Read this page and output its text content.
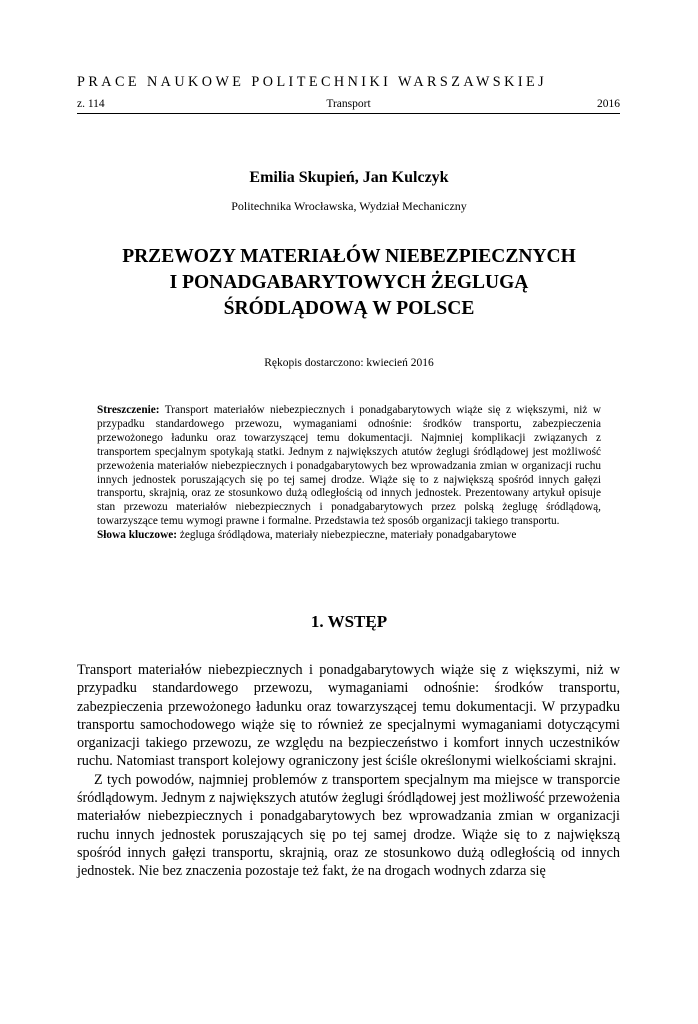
PRACE NAUKOWE POLITECHNIKI WARSZAWSKIEJ
z. 114	Transport	2016
Emilia Skupień, Jan Kulczyk
Politechnika Wrocławska, Wydział Mechaniczny
PRZEWOZY MATERIAŁÓW NIEBEZPIECZNYCH
I PONADGABARYTOWYCH ŻEGLUGĄ
ŚRÓDLĄDOWĄ W POLSCE
Rękopis dostarczono: kwiecień 2016

Streszczenie: Transport materiałów niebezpiecznych i ponadgabarytowych wiąże się z większymi, niż w przypadku standardowego przewozu, wymaganiami odnośnie: środków transportu, zabezpieczenia przewożonego ładunku oraz towarzyszącej temu dokumentacji. Najmniej komplikacji związanych z transportem specjalnym spotykają statki. Jednym z największych atutów żeglugi śródlądowej jest możliwość przewożenia materiałów niebezpiecznych i ponadgabarytowych bez wprowadzania zmian w organizacji ruchu innych jednostek poruszających się po tej samej drodze. Wiąże się to z największą spośród innych gałęzi transportu, skrajnią, oraz ze stosunkowo dużą odległością od innych jednostek. Prezentowany artykuł opisuje stan przewozu materiałów niebezpiecznych i ponadgabarytowych przez polską żeglugę śródlądową, towarzyszące temu wymogi prawne i formalne. Przedstawia też sposób organizacji takiego transportu.

Słowa kluczowe: żegluga śródlądowa, materiały niebezpieczne, materiały ponadgabarytowe

1. WSTĘP

Transport materiałów niebezpiecznych i ponadgabarytowych wiąże się z większymi, niż w przypadku standardowego przewozu, wymaganiami odnośnie: środków transportu, zabezpieczenia przewożonego ładunku oraz towarzyszącej temu dokumentacji. W przypadku transportu samochodowego wiąże się to również ze specjalnymi wymaganiami dotyczącymi organizacji takiego przewozu, ze względu na bezpieczeństwo i komfort innych uczestników ruchu. Natomiast transport kolejowy ograniczony jest ściśle określonymi wielkościami skrajni.

Z tych powodów, najmniej problemów z transportem specjalnym ma miejsce w transporcie śródlądowym. Jednym z największych atutów żeglugi śródlądowej jest możliwość przewożenia materiałów niebezpiecznych i ponadgabarytowych bez wprowadzania zmian w organizacji ruchu innych jednostek poruszających się po tej samej drodze. Wiąże się to z największą spośród innych gałęzi transportu, skrajnią, oraz ze stosunkowo dużą odległością od innych jednostek. Nie bez znaczenia pozostaje też fakt, że na drogach wodnych zdarza się
